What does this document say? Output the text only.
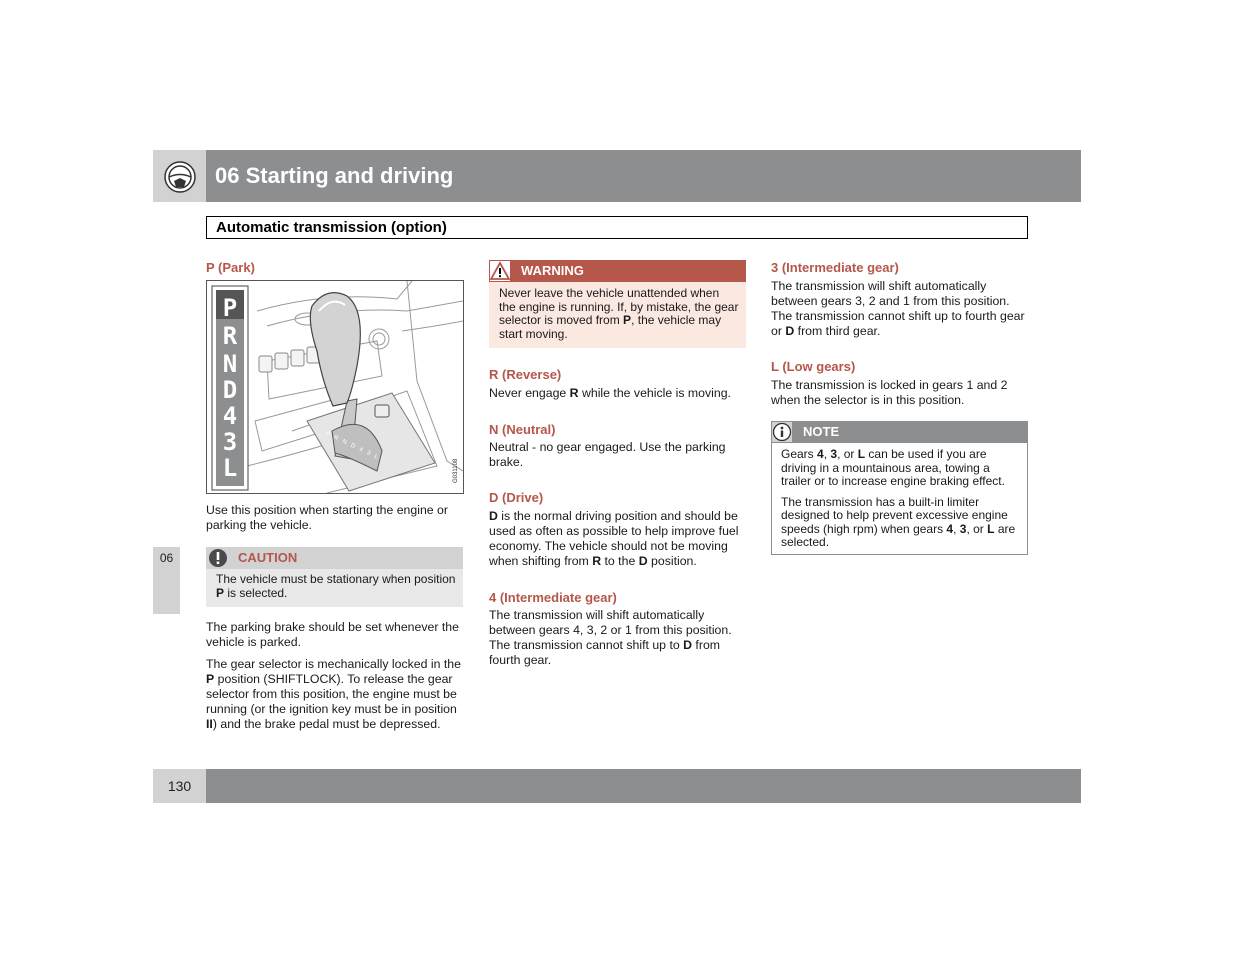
06 Starting and driving
Automatic transmission (option)
06
P (Park)
P
R
N
D
4
3
L
PRND43L
G031108

Use this position when starting the engine or parking the vehicle.

CAUTION
The vehicle must be stationary when position P is selected.

The parking brake should be set whenever the vehicle is parked.

The gear selector is mechanically locked in the P position (SHIFTLOCK). To release the gear selector from this position, the engine must be running (or the ignition key must be in position II) and the brake pedal must be depressed.

WARNING
Never leave the vehicle unattended when the engine is running. If, by mistake, the gear selector is moved from P, the vehicle may start moving.
R (Reverse)

Never engage R while the vehicle is moving.

N (Neutral)

Neutral - no gear engaged. Use the parking brake.

D (Drive)

D is the normal driving position and should be used as often as possible to help improve fuel economy. The vehicle should not be moving when shifting from R to the D position.

4 (Intermediate gear)

The transmission will shift automatically between gears 4, 3, 2 or 1 from this position. The transmission cannot shift up to D from fourth gear.

3 (Intermediate gear)

The transmission will shift automatically between gears 3, 2 and 1 from this position. The transmission cannot shift up to fourth gear or D from third gear.

L (Low gears)

The transmission is locked in gears 1 and 2 when the selector is in this position.

NOTE

Gears 4, 3, or L can be used if you are driving in a mountainous area, towing a trailer or to increase engine braking effect.

The transmission has a built-in limiter designed to help prevent excessive engine speeds (high rpm) when gears 4, 3, or L are selected.

130
